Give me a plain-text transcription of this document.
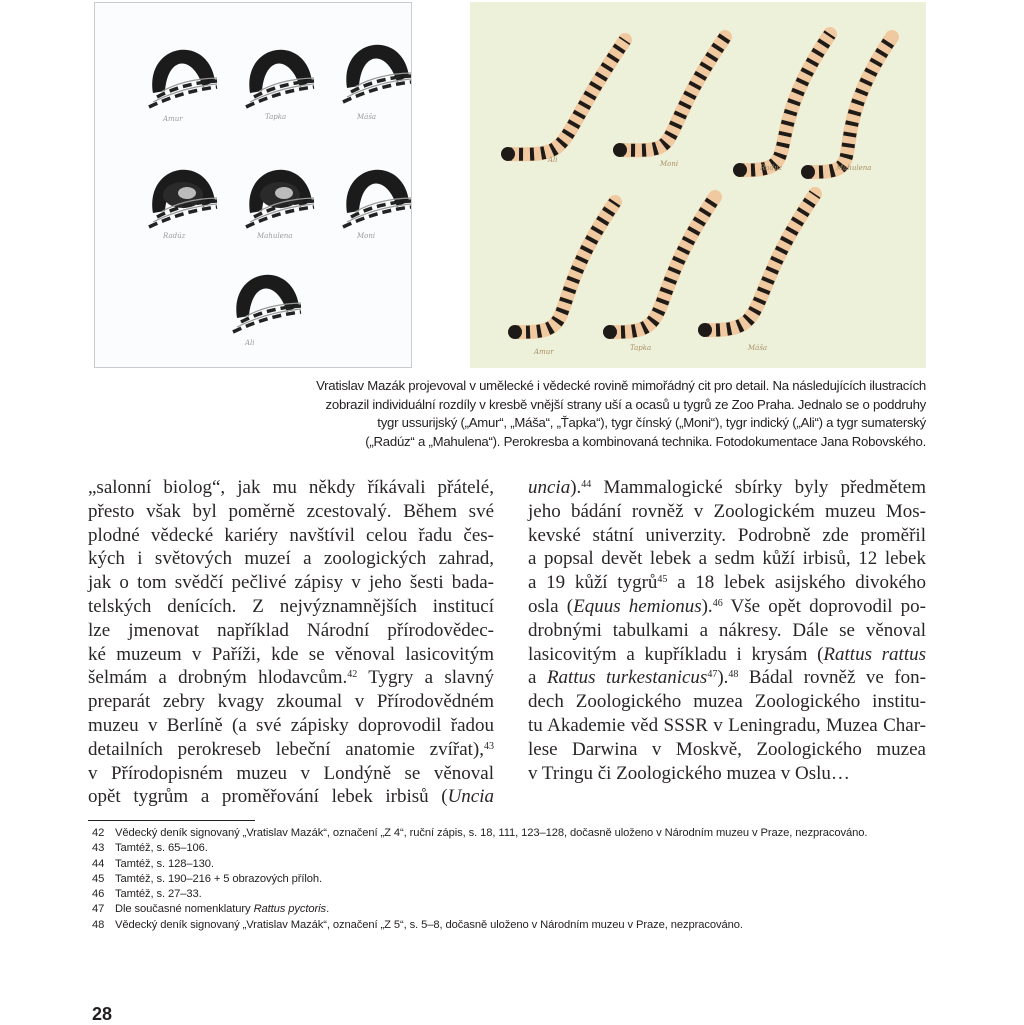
Amur	Tapka	Máša
Radúz	Mahulena	Moni
Ali
Ali	Moni	Radúz	Mahulena
Amur	Tapka	Máša
Vratislav Mazák projevoval v umělecké i vědecké rovině mimořádný cit pro detail. Na následujících ilustracích
zobrazil individuální rozdíly v kresbě vnější strany uší a ocasů u tygrů ze Zoo Praha. Jednalo se o poddruhy
tygr ussurijský („Amur“, „Máša“, „Ťapka“), tygr čínský („Moni“), tygr indický („Ali“) a tygr sumaterský
(„Radúz“ a „Mahulena“). Perokresba a kombinovaná technika. Fotodokumentace Jana Robovského.
„salonní biolog“, jak mu někdy říkávali přátelé,
přesto však byl poměrně zcestovalý. Během své
plodné vědecké kariéry navštívil celou řadu čes-
kých i světových muzeí a zoologických zahrad,
jak o tom svědčí pečlivé zápisy v jeho šesti bada-
telských denících. Z nejvýznamnějších institucí
lze jmenovat například Národní přírodovědec-
ké muzeum v Paříži, kde se věnoval lasicovitým
šelmám a drobným hlodavcům.$^{42}$ Tygry a slavný
preparát zebry kvagy zkoumal v Přírodovědném
muzeu v Berlíně (a své zápisky doprovodil řadou
detailních perokreseb lebeční anatomie zvířat),$^{43}$
v Přírodopisném muzeu v Londýně se věnoval
opět tygrům a proměřování lebek irbisů (Uncia
uncia).$^{44}$ Mammalogické sbírky byly předmětem
jeho bádání rovněž v Zoologickém muzeu Mos-
kevské státní univerzity. Podrobně zde proměřil
a popsal devět lebek a sedm kůží irbisů, 12 lebek
a 19 kůží tygrů$^{45}$ a 18 lebek asijského divokého
osla (Equus hemionus).$^{46}$ Vše opět doprovodil po-
drobnými tabulkami a nákresy. Dále se věnoval
lasicovitým a kupříkladu i krysám (Rattus rattus
a Rattus turkestanicus$^{47}$).$^{48}$ Bádal rovněž ve fon-
dech Zoologického muzea Zoologického institu-
tu Akademie věd SSSR v Leningradu, Muzea Char-
lese Darwina v Moskvě, Zoologického muzea
v Tringu či Zoologického muzea v Oslu…
42 Vědecký deník signovaný „Vratislav Mazák“, označení „Z 4“, ruční zápis, s. 18, 111, 123–128, dočasně uloženo v Národním muzeu v Praze, nezpracováno.
43 Tamtéž, s. 65–106.
44 Tamtéž, s. 128–130.
45 Tamtéž, s. 190–216 + 5 obrazových příloh.
46 Tamtéž, s. 27–33.
47 Dle současné nomenklatury Rattus pyctoris.
48 Vědecký deník signovaný „Vratislav Mazák“, označení „Z 5“, s. 5–8, dočasně uloženo v Národním muzeu v Praze, nezpracováno.
28
